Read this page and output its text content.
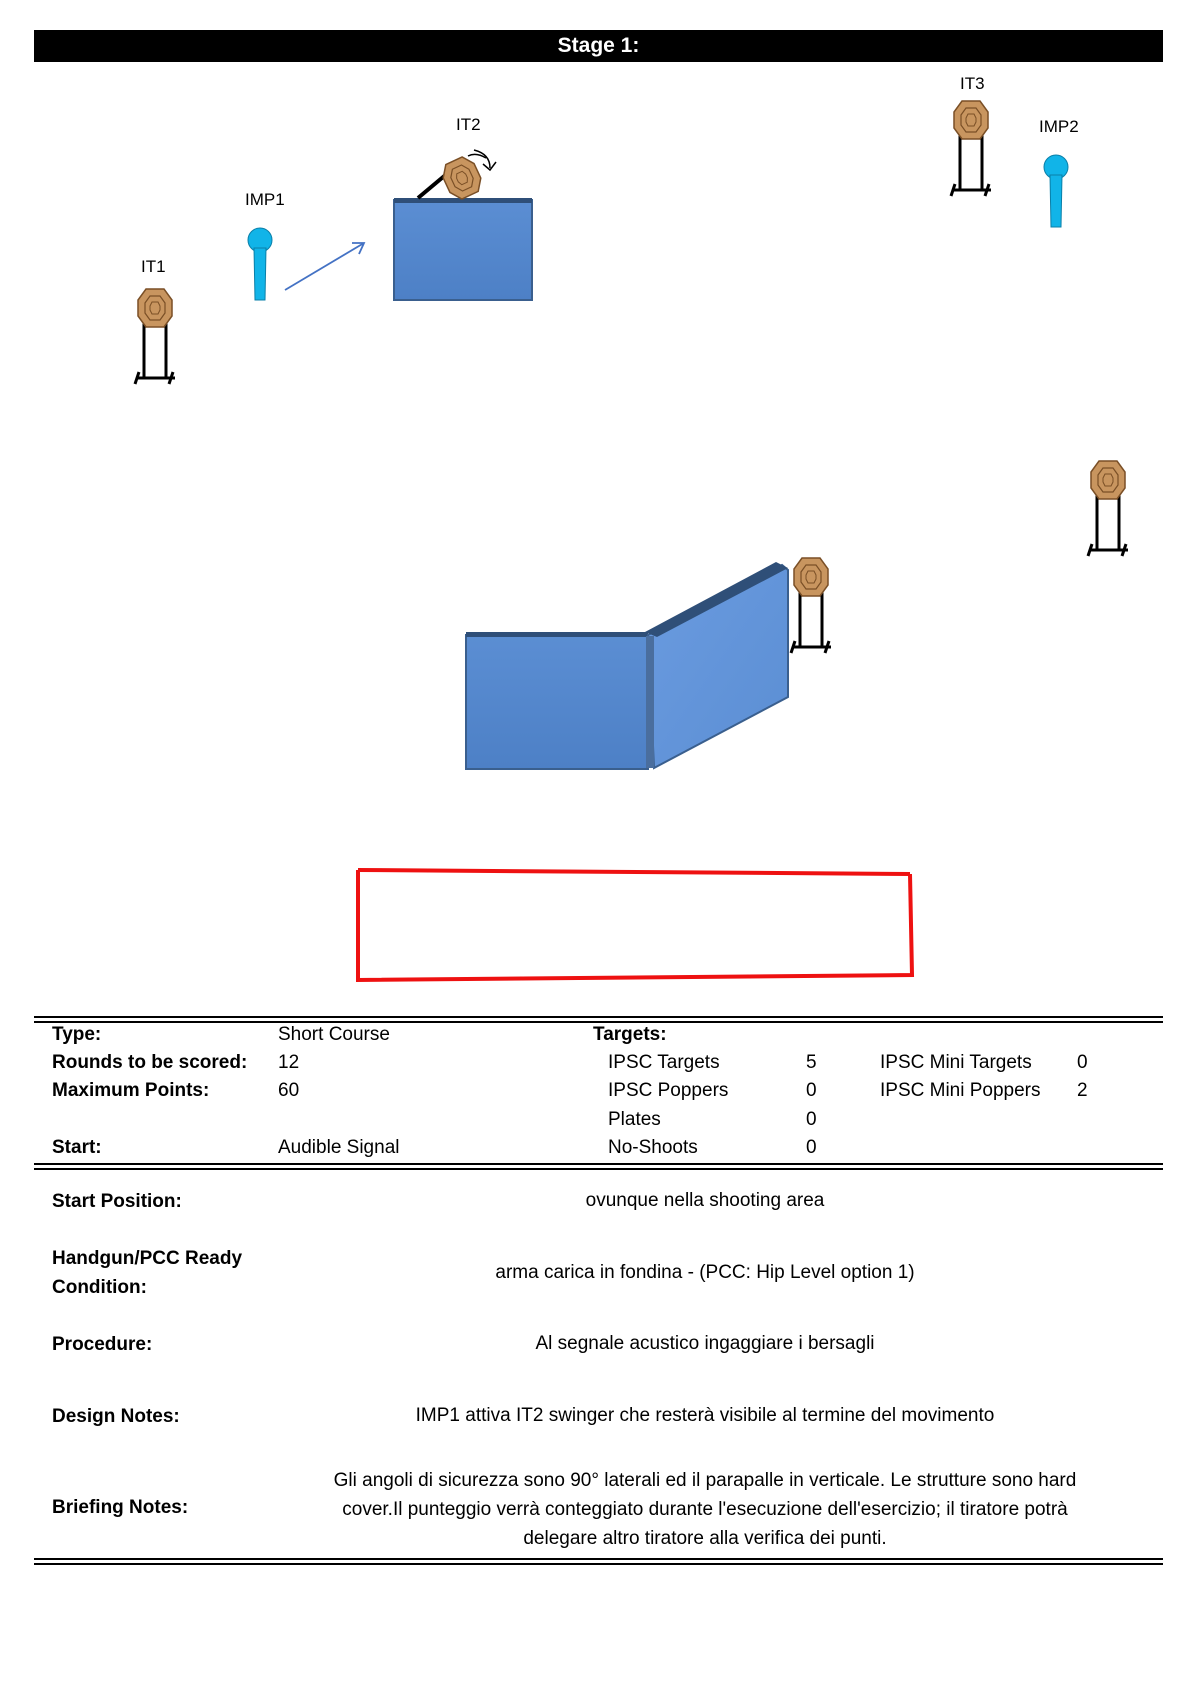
Stage 1:
IT1
IMP1
IT2
IT3
IMP2
Type:	Short Course	Targets:
Rounds to be scored: 12	IPSC Targets	5	IPSC Mini Targets 0
Maximum Points:	60	IPSC Poppers	0	IPSC Mini Poppers 2
Plates	0
Start:	Audible Signal	No-Shoots	0
Start Position:	ovunque nella shooting area
Handgun/PCC Ready
Condition:
arma carica in fondina - (PCC: Hip Level option 1)
Procedure:	Al segnale acustico ingaggiare i bersagli
Design Notes:	IMP1 attiva IT2 swinger che resterà visibile al termine del movimento
Briefing Notes:
Gli angoli di sicurezza sono 90° laterali ed il parapalle in verticale. Le strutture sono hard
cover.Il punteggio verrà conteggiato durante l'esecuzione dell'esercizio; il tiratore potrà
delegare altro tiratore alla verifica dei punti.
